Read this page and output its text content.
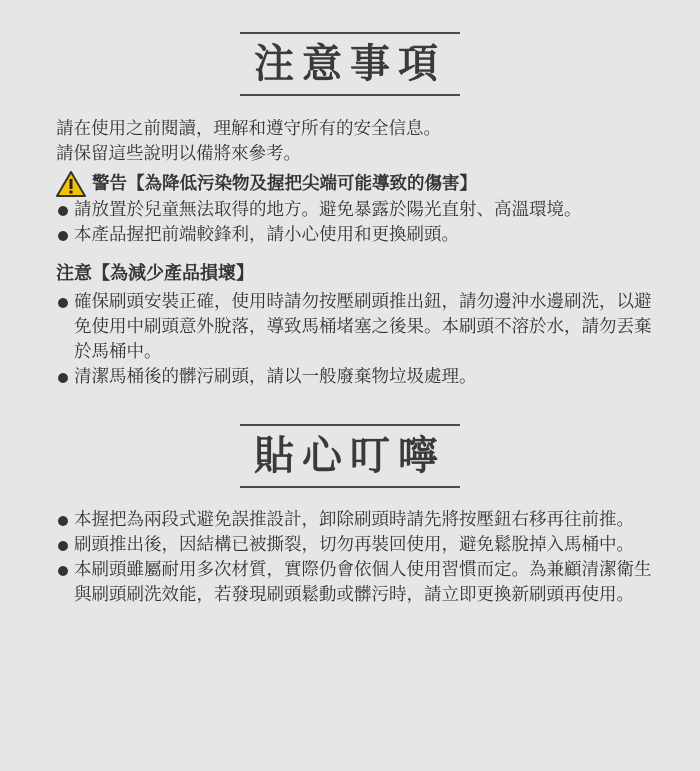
注意事項
請在使用之前閱讀，理解和遵守所有的安全信息。
請保留這些說明以備將來參考。
警告【為降低污染物及握把尖端可能導致的傷害】
請放置於兒童無法取得的地方。避免暴露於陽光直射、高溫環境。
本產品握把前端較鋒利，請小心使用和更換刷頭。
注意【為減少產品損壞】
確保刷頭安裝正確，使用時請勿按壓刷頭推出鈕，請勿邊沖水邊刷洗，以避免使用中刷頭意外脫落，導致馬桶堵塞之後果。本刷頭不溶於水，請勿丟棄於馬桶中。
清潔馬桶後的髒污刷頭，請以一般廢棄物垃圾處理。
貼心叮嚀
本握把為兩段式避免誤推設計，卸除刷頭時請先將按壓鈕右移再往前推。
刷頭推出後，因結構已被撕裂，切勿再裝回使用，避免鬆脫掉入馬桶中。
本刷頭雖屬耐用多次材質，實際仍會依個人使用習慣而定。為兼顧清潔衛生與刷頭刷洗效能，若發現刷頭鬆動或髒污時，請立即更換新刷頭再使用。
